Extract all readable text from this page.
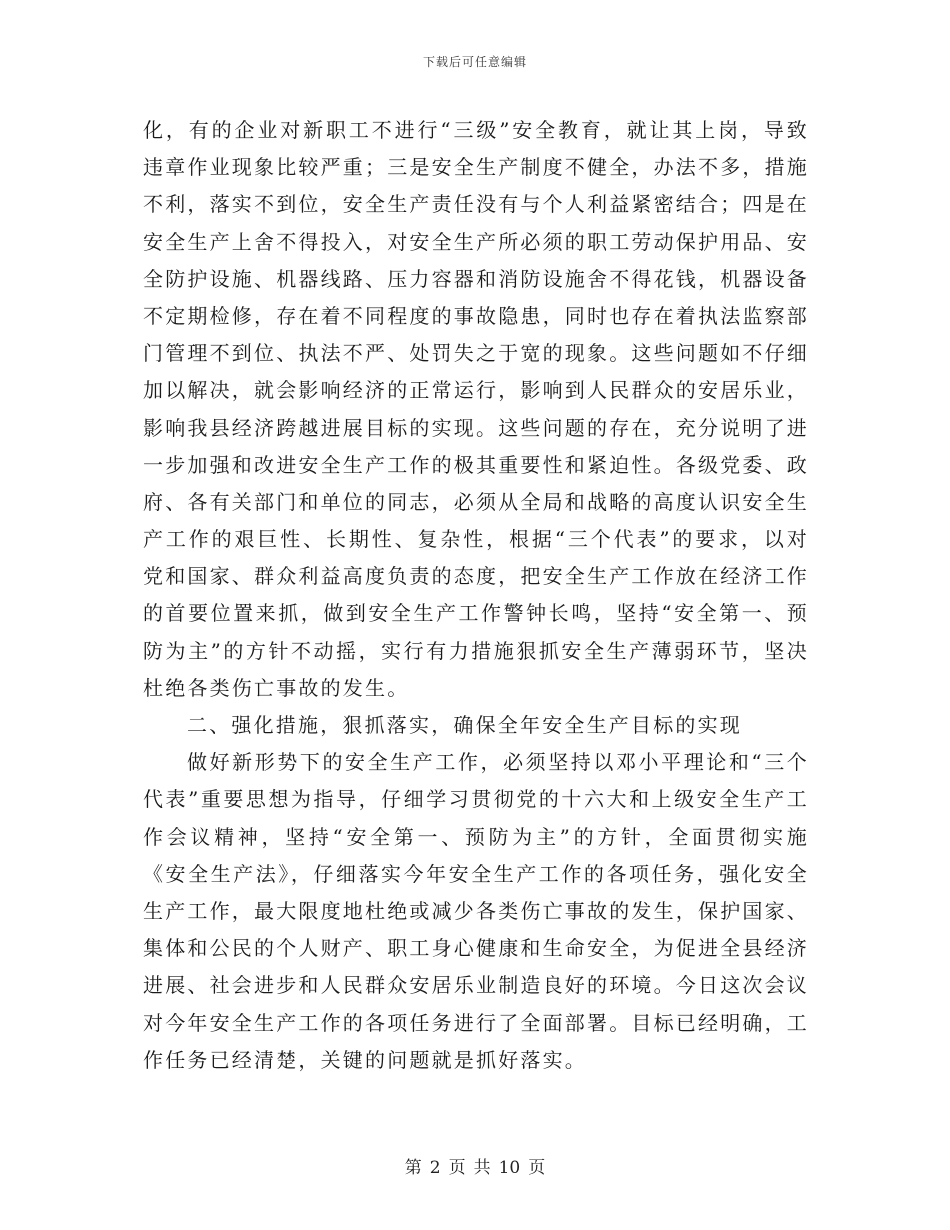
下载后可任意编辑
化，有的企业对新职工不进行“三级”安全教育，就让其上岗，导致
违章作业现象比较严重；三是安全生产制度不健全，办法不多，措施
不利，落实不到位，安全生产责任没有与个人利益紧密结合；四是在
安全生产上舍不得投入，对安全生产所必须的职工劳动保护用品、安
全防护设施、机器线路、压力容器和消防设施舍不得花钱，机器设备
不定期检修，存在着不同程度的事故隐患，同时也存在着执法监察部
门管理不到位、执法不严、处罚失之于宽的现象。这些问题如不仔细
加以解决，就会影响经济的正常运行，影响到人民群众的安居乐业，
影响我县经济跨越进展目标的实现。这些问题的存在，充分说明了进
一步加强和改进安全生产工作的极其重要性和紧迫性。各级党委、政
府、各有关部门和单位的同志，必须从全局和战略的高度认识安全生
产工作的艰巨性、长期性、复杂性，根据“三个代表”的要求，以对
党和国家、群众利益高度负责的态度，把安全生产工作放在经济工作
的首要位置来抓，做到安全生产工作警钟长鸣，坚持“安全第一、预
防为主”的方针不动摇，实行有力措施狠抓安全生产薄弱环节，坚决
杜绝各类伤亡事故的发生。
二、强化措施，狠抓落实，确保全年安全生产目标的实现
做好新形势下的安全生产工作，必须坚持以邓小平理论和“三个
代表”重要思想为指导，仔细学习贯彻党的十六大和上级安全生产工
作会议精神，坚持“安全第一、预防为主”的方针，全面贯彻实施
《安全生产法》，仔细落实今年安全生产工作的各项任务，强化安全
生产工作，最大限度地杜绝或减少各类伤亡事故的发生，保护国家、
集体和公民的个人财产、职工身心健康和生命安全，为促进全县经济
进展、社会进步和人民群众安居乐业制造良好的环境。今日这次会议
对今年安全生产工作的各项任务进行了全面部署。目标已经明确，工
作任务已经清楚，关键的问题就是抓好落实。
第 2 页 共 10 页
